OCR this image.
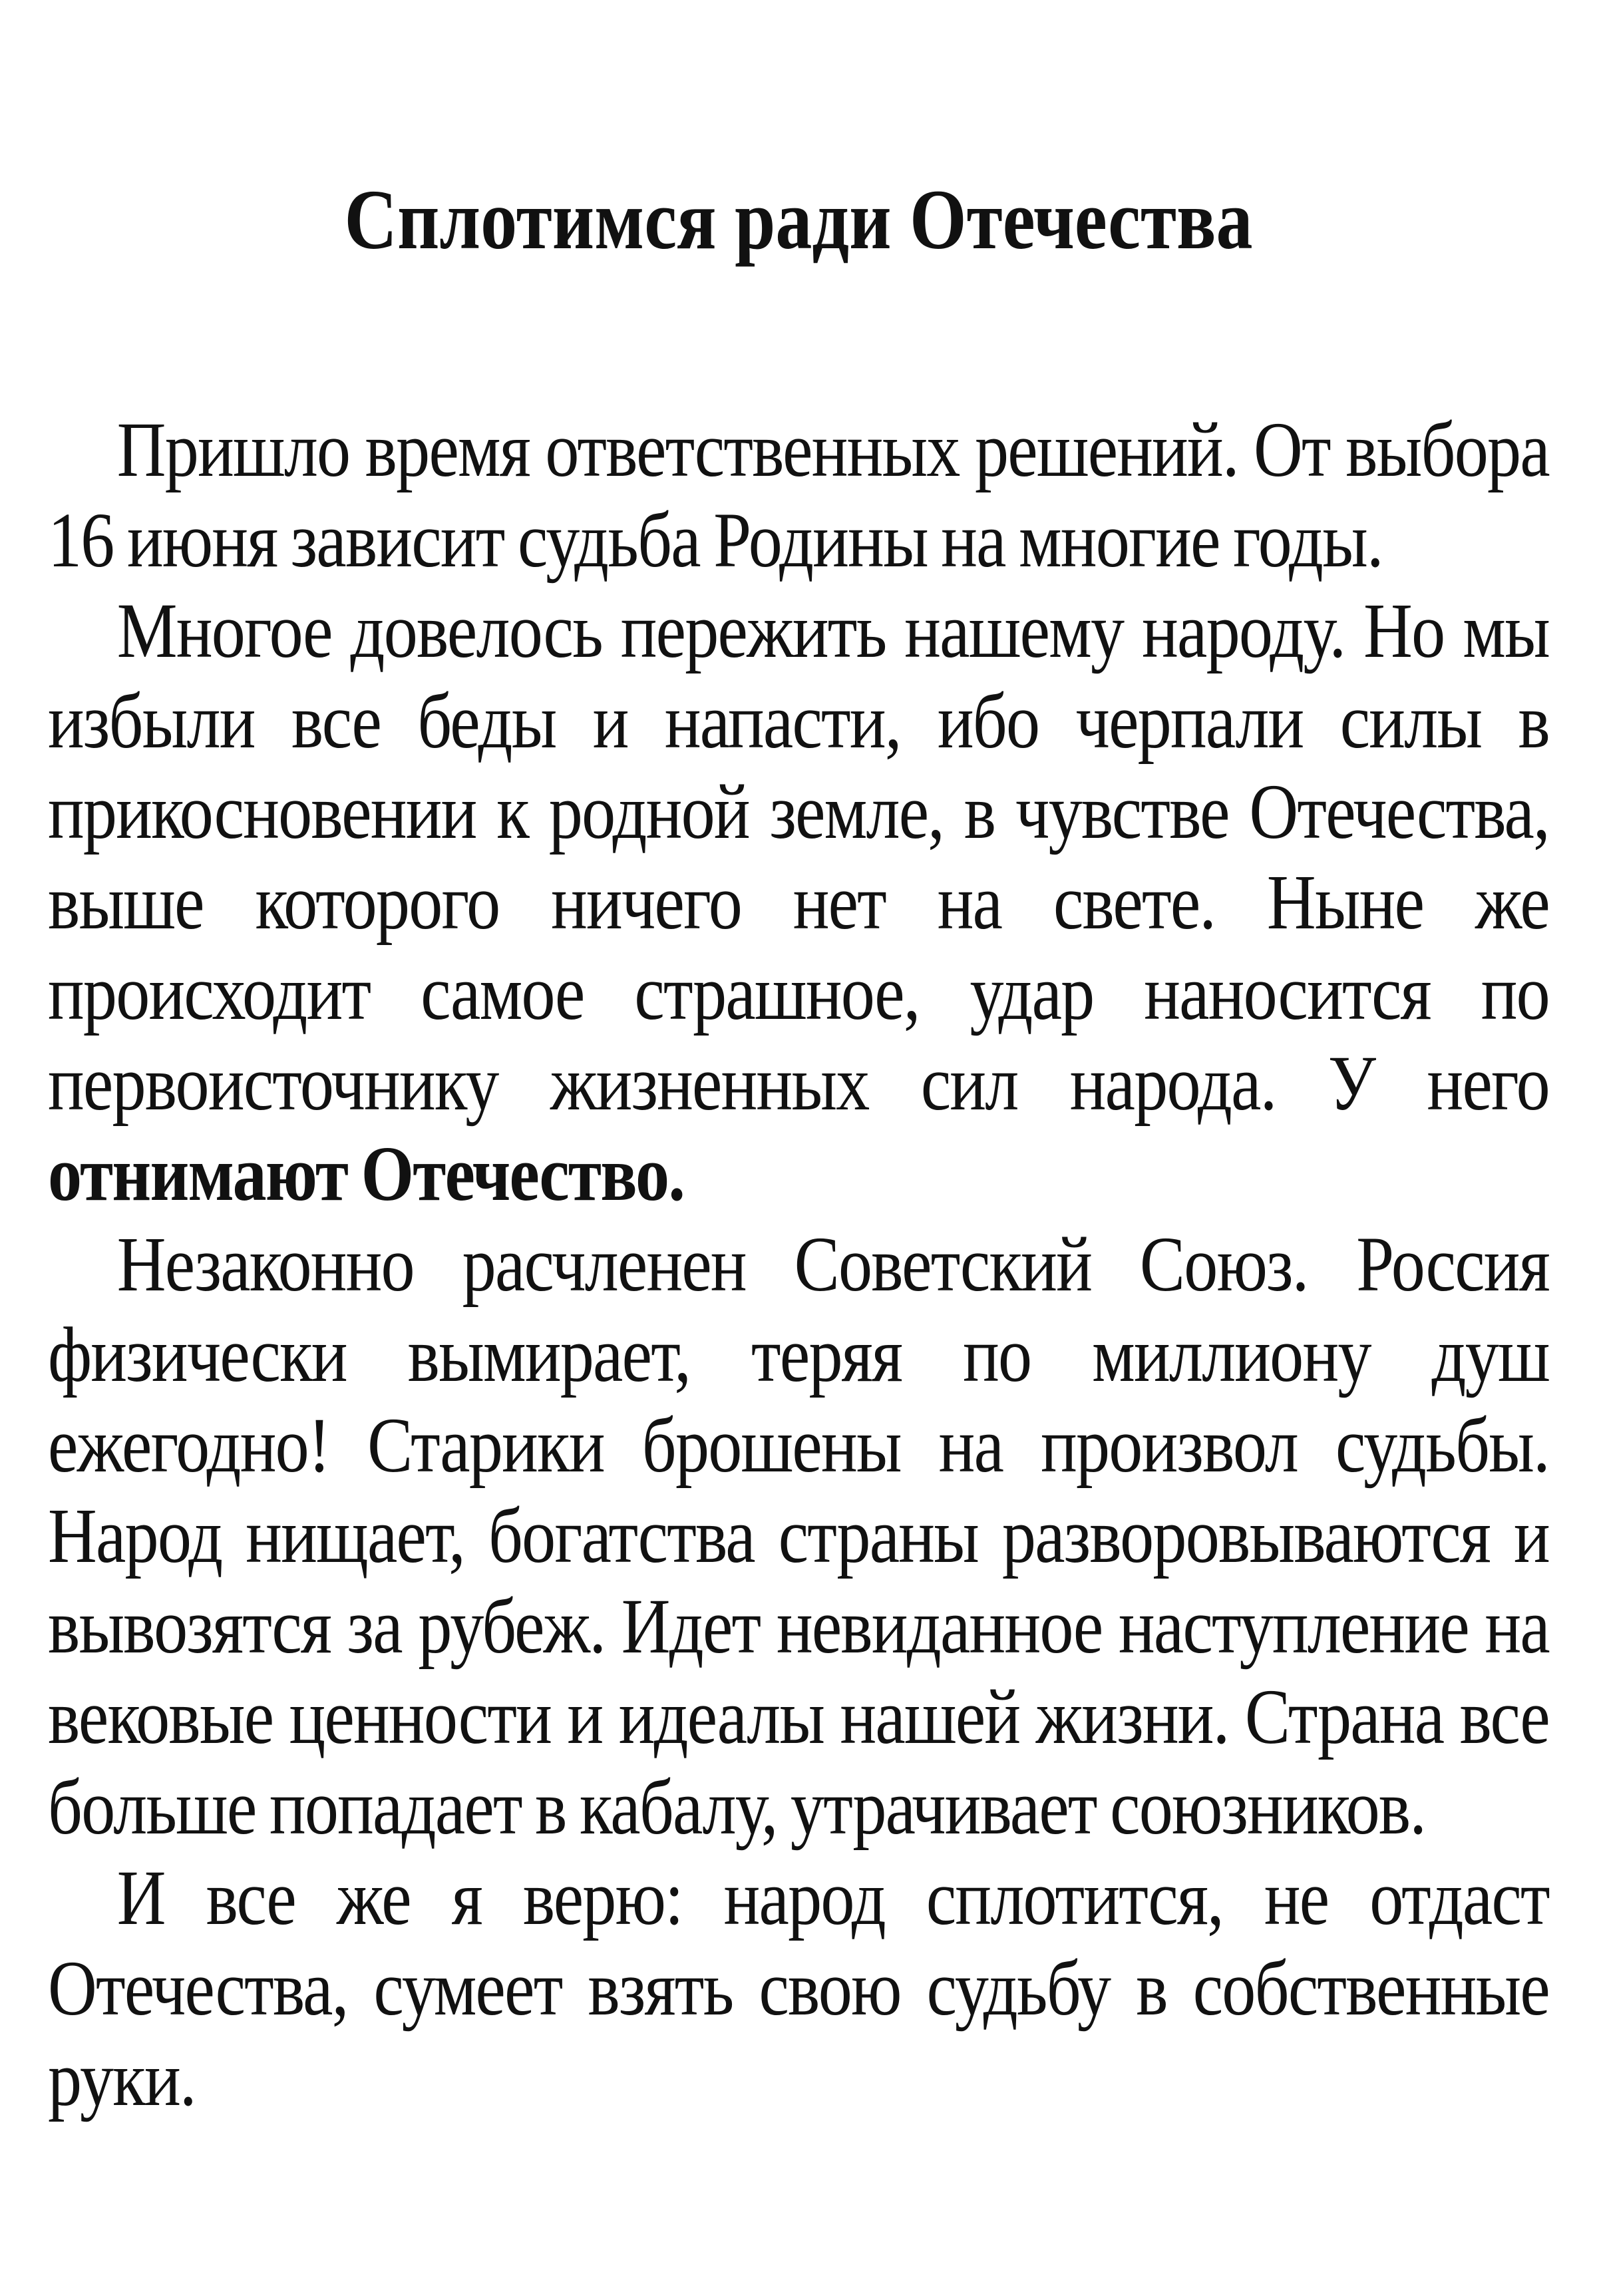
Сплотимся ради Отечества

Пришло время ответственных решений. От выбора 16 июня зависит судьба Родины на многие годы.

Многое довелось пережить нашему народу. Но мы избыли все беды и напасти, ибо черпали силы в прикосновении к родной земле, в чувстве Отечества, выше которого ничего нет на свете. Ныне же происходит самое страшное, удар наносится по первоисточнику жизненных сил народа. У него отнимают Отечество.

Незаконно расчленен Советский Союз. Россия физически вымирает, теряя по миллиону душ ежегодно! Старики брошены на произвол судьбы. Народ нищает, богатства страны разворовываются и вывозятся за рубеж. Идет невиданное наступление на вековые ценности и идеалы нашей жизни. Страна все больше попадает в кабалу, утрачивает союзников.

И все же я верю: народ сплотится, не отдаст Отечества, сумеет взять свою судьбу в собственные руки.
